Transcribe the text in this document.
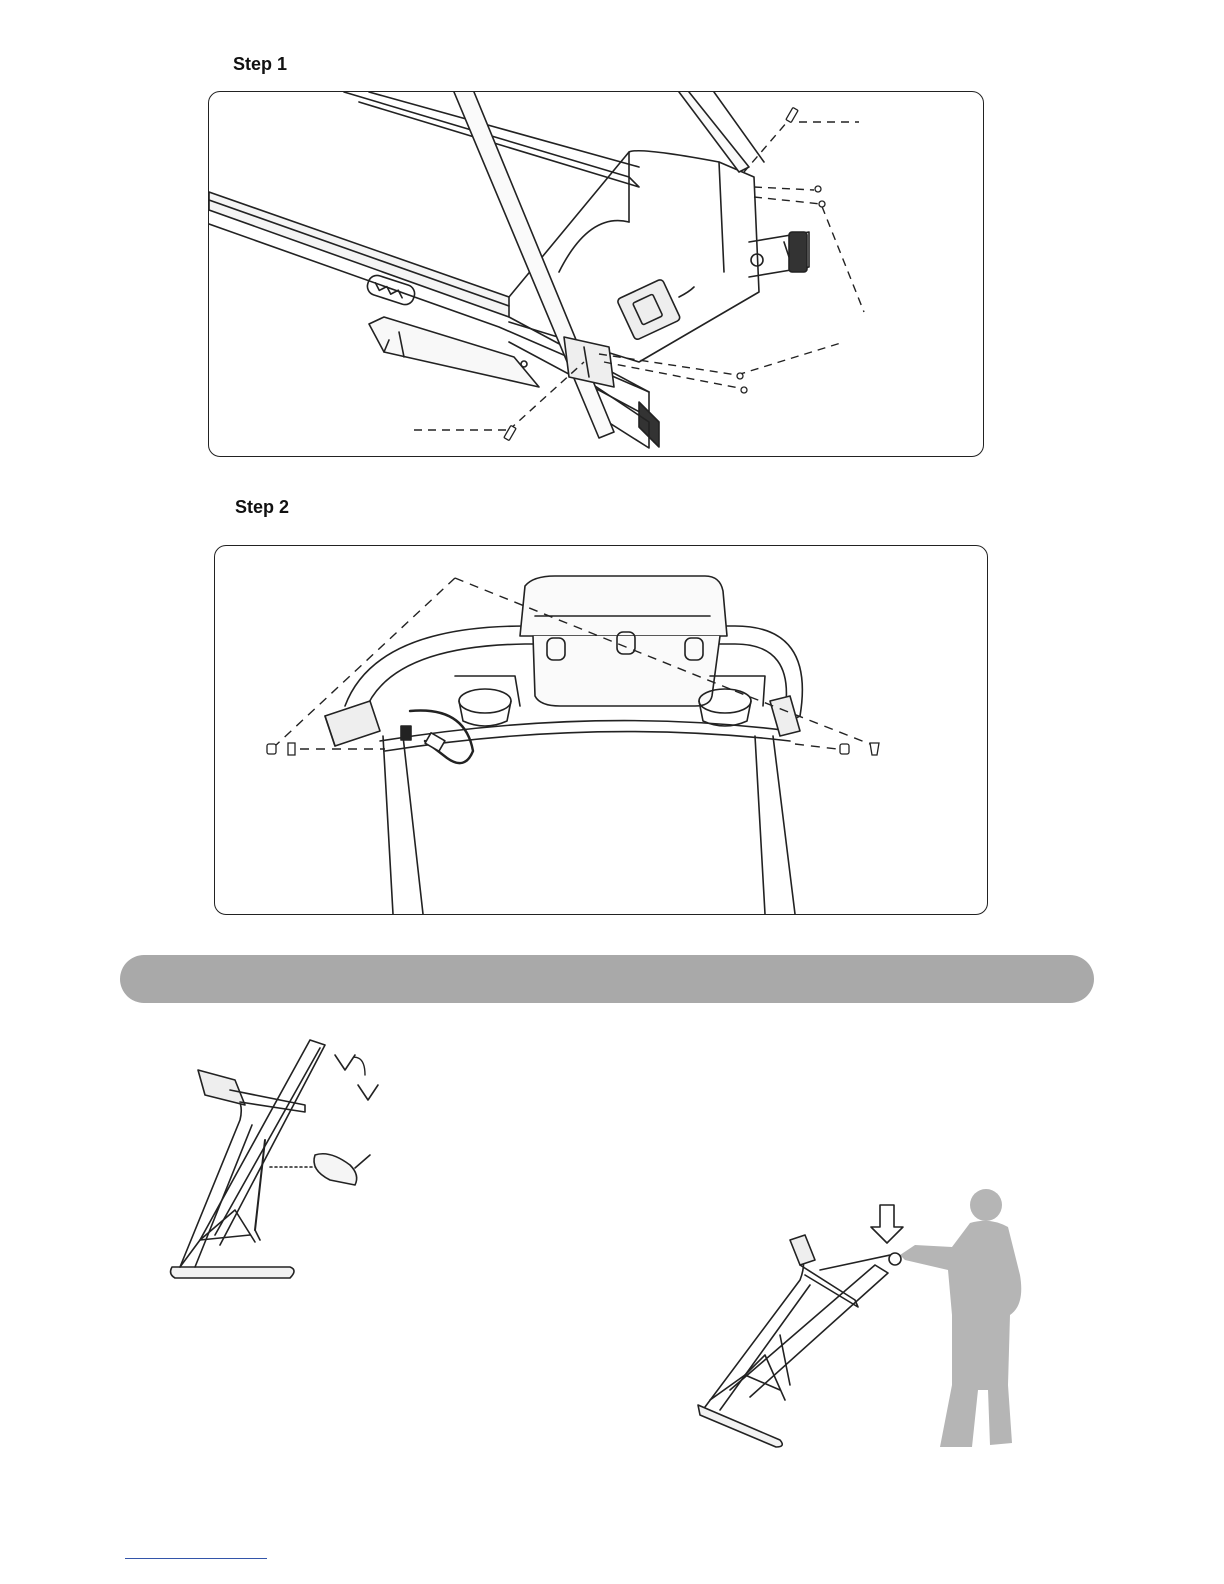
Step 1
Step 2
